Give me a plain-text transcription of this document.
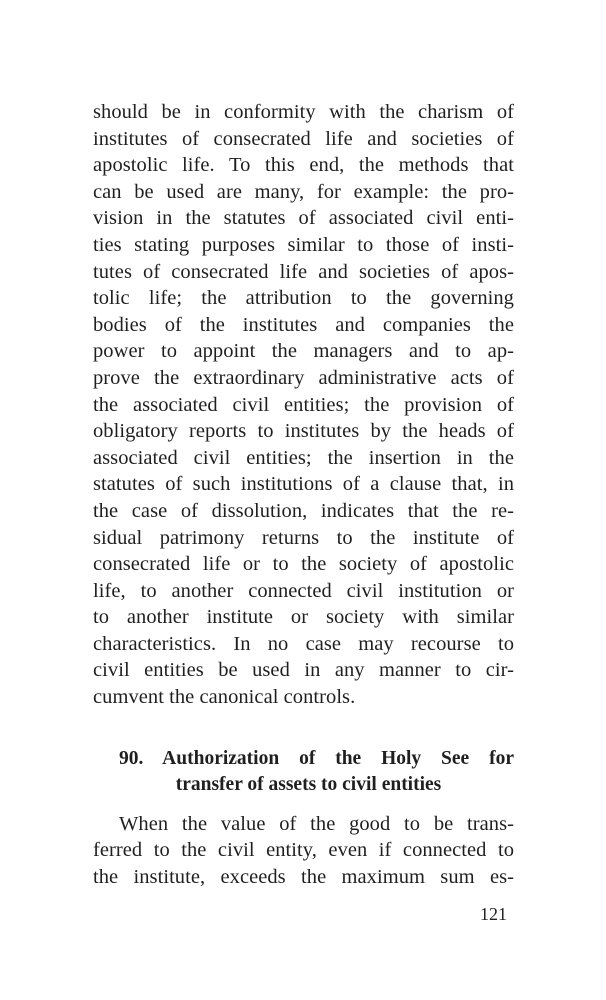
should be in conformity with the charism of

institutes of consecrated life and societies of

apostolic life. To this end, the methods that

can be used are many, for example: the pro-

vision in the statutes of associated civil enti-

ties stating purposes similar to those of insti-

tutes of consecrated life and societies of apos-

tolic life; the attribution to the governing

bodies of the institutes and companies the

power to appoint the managers and to ap-

prove the extraordinary administrative acts of

the associated civil entities; the provision of

obligatory reports to institutes by the heads of

associated civil entities; the insertion in the

statutes of such institutions of a clause that, in

the case of dissolution, indicates that the re-

sidual patrimony returns to the institute of

consecrated life or to the society of apostolic

life, to another connected civil institution or

to another institute or society with similar

characteristics. In no case may recourse to

civil entities be used in any manner to cir-

cumvent the canonical controls.

90. Authorization of the Holy See for
transfer of assets to civil entities

When the value of the good to be trans-

ferred to the civil entity, even if connected to

the institute, exceeds the maximum sum es-

121
